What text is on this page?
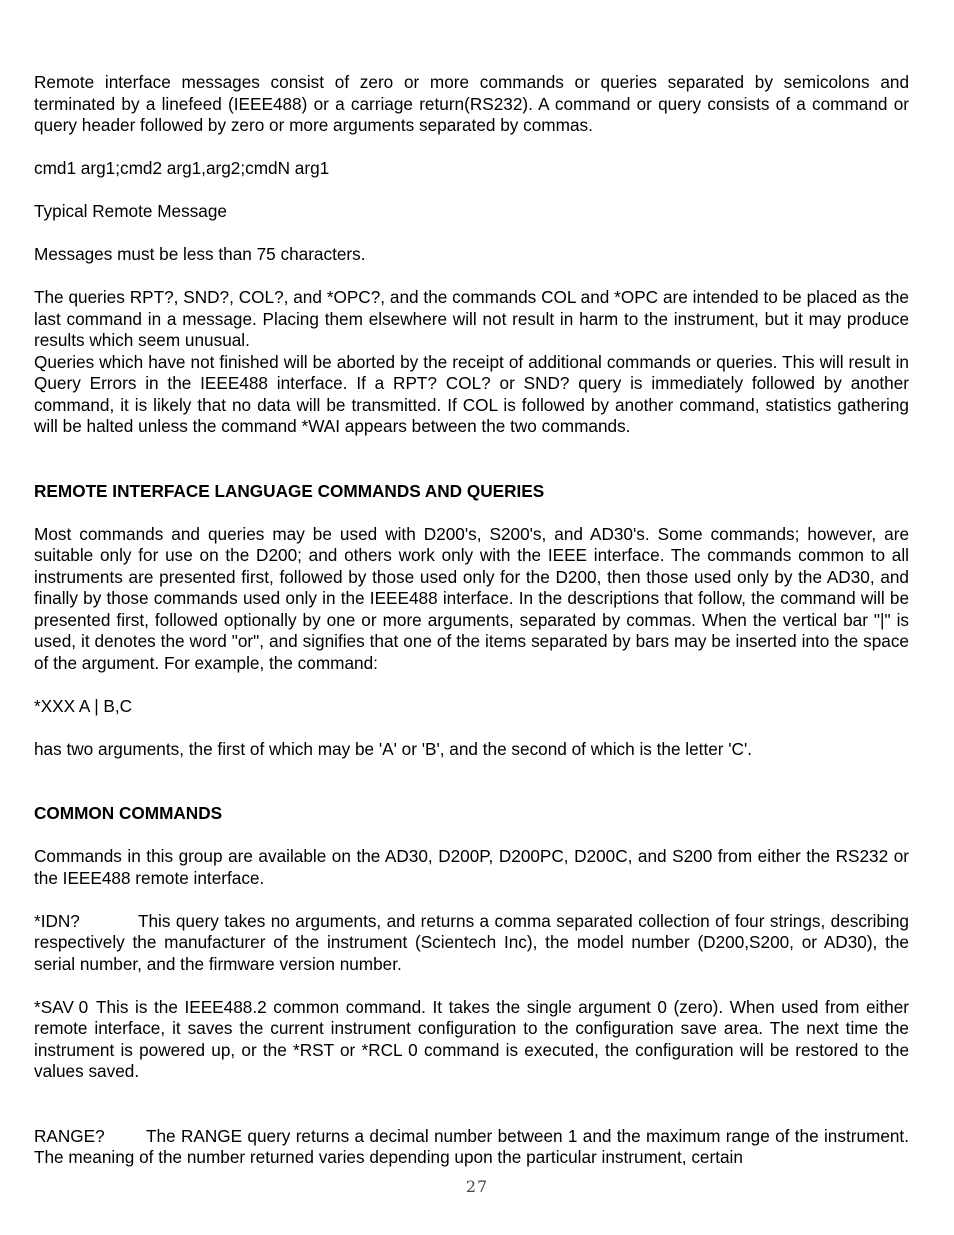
Remote interface messages consist of zero or more commands or queries separated by semicolons and terminated by a linefeed (IEEE488) or a carriage return(RS232). A command or query consists of a command or query header followed by zero or more arguments separated by commas.

cmd1 arg1;cmd2 arg1,arg2;cmdN arg1

Typical Remote Message

Messages must be less than 75 characters.

The queries RPT?, SND?, COL?, and *OPC?, and the commands COL and *OPC are intended to be placed as the last command in a message. Placing them elsewhere will not result in harm to the instrument, but it may produce results which seem unusual.

Queries which have not finished will be aborted by the receipt of additional commands or queries. This will result in Query Errors in the IEEE488 interface. If a RPT? COL? or SND? query is immediately followed by another command, it is likely that no data will be transmitted. If COL is followed by another command, statistics gathering will be halted unless the command *WAI appears between the two commands.

REMOTE INTERFACE LANGUAGE COMMANDS AND QUERIES

Most commands and queries may be used with D200's, S200's, and AD30's. Some commands; however, are suitable only for use on the D200; and others work only with the IEEE interface. The commands common to all instruments are presented first, followed by those used only for the D200, then those used only by the AD30, and finally by those commands used only in the IEEE488 interface. In the descriptions that follow, the command will be presented first, followed optionally by one or more arguments, separated by commas. When the vertical bar "|" is used, it denotes the word "or", and signifies that one of the items separated by bars may be inserted into the space of the argument. For example, the command:

*XXX A | B,C

has two arguments, the first of which may be 'A' or 'B', and the second of which is the letter 'C'.

COMMON COMMANDS

Commands in this group are available on the AD30, D200P, D200PC, D200C, and S200 from either the RS232 or the IEEE488 remote interface.

*IDN?	This query takes no arguments, and returns a comma separated collection of four strings, describing respectively the manufacturer of the instrument (Scientech Inc), the model number (D200,S200, or AD30), the serial number, and the firmware version number.

*SAV 0 This is the IEEE488.2 common command. It takes the single argument 0 (zero). When used from either remote interface, it saves the current instrument configuration to the configuration save area. The next time the instrument is powered up, or the *RST or *RCL 0 command is executed, the configuration will be restored to the values saved.

RANGE? The RANGE query returns a decimal number between 1 and the maximum range of the instrument. The meaning of the number returned varies depending upon the particular instrument, certain

27
